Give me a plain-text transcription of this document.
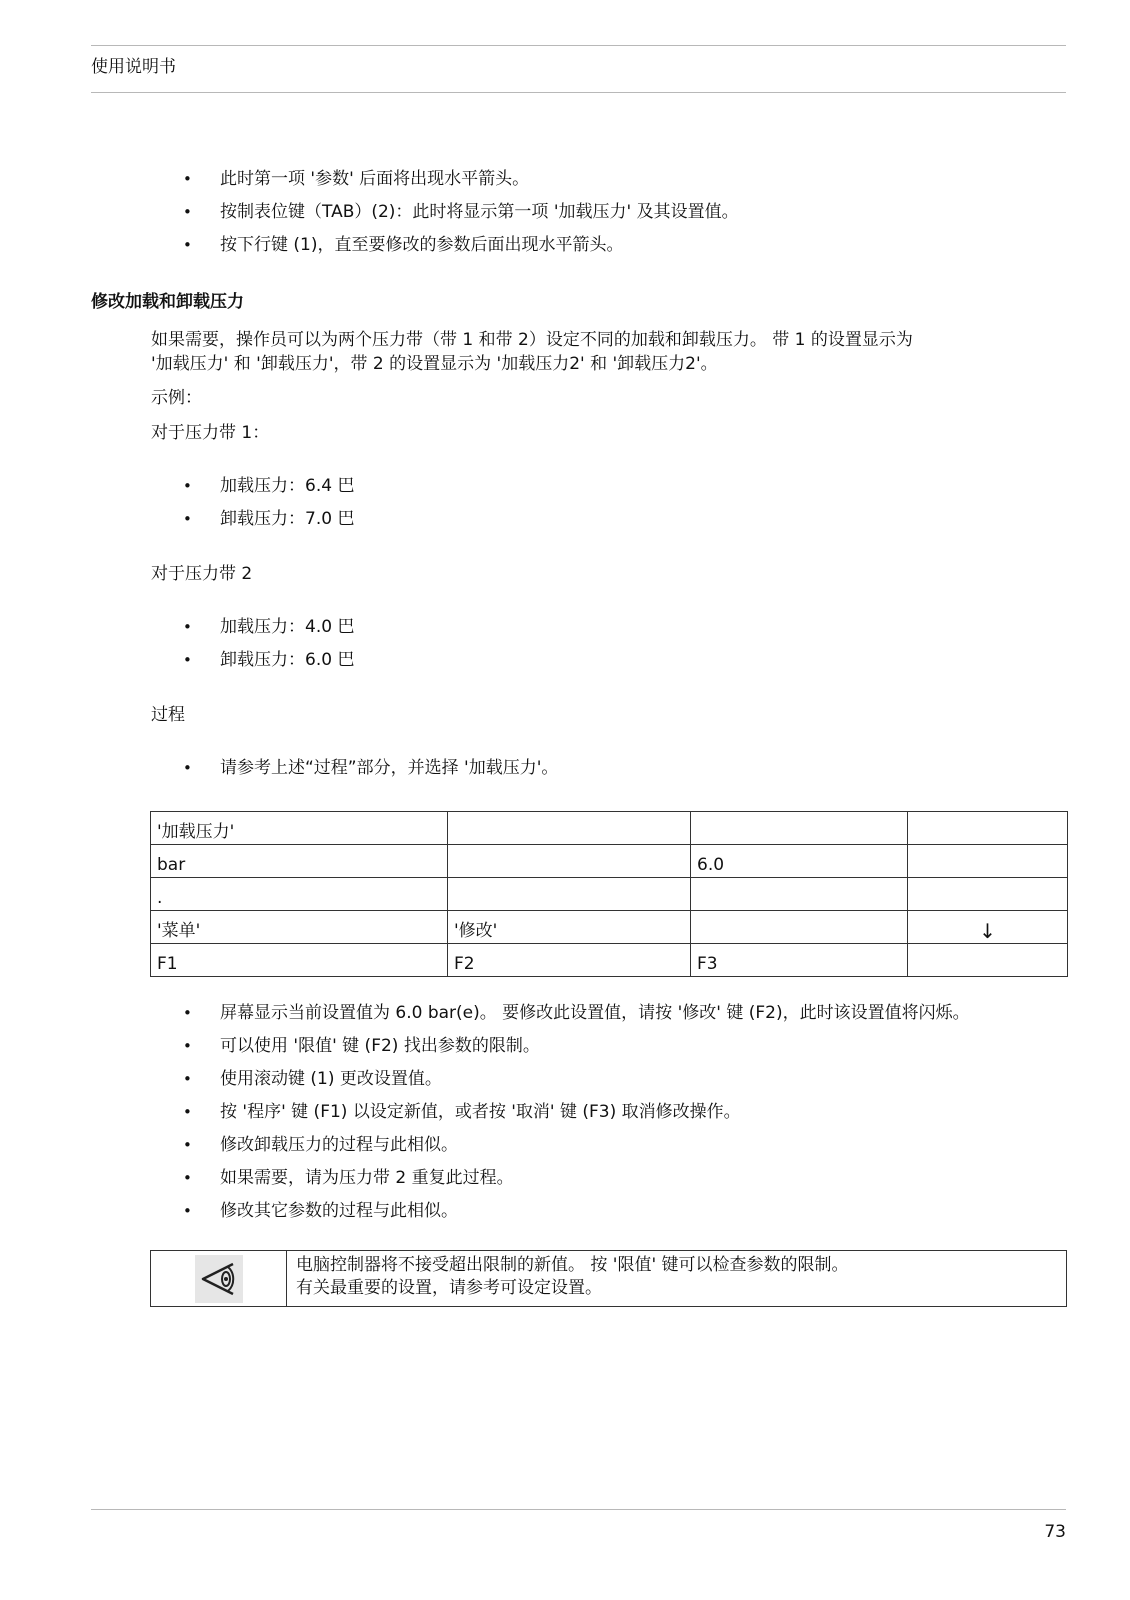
使用说明书
• 此时第一项 '参数' 后面将出现水平箭头。
• 按制表位键（TAB）(2)：此时将显示第一项 '加载压力' 及其设置值。
• 按下行键 (1)，直至要修改的参数后面出现水平箭头。
修改加载和卸载压力
如果需要，操作员可以为两个压力带（带 1 和带 2）设定不同的加载和卸载压力。 带 1 的设置显示为
'加载压力' 和 '卸载压力'，带 2 的设置显示为 '加载压力2' 和 '卸载压力2'。
示例：
对于压力带 1：
• 加载压力：6.4 巴
• 卸载压力：7.0 巴
对于压力带 2
• 加载压力：4.0 巴
• 卸载压力：6.0 巴
过程
• 请参考上述“过程”部分，并选择 '加载压力'。
'加载压力'			
bar		6.0	
.			
'菜单'	'修改'		↓
F1	F2	F3	
• 屏幕显示当前设置值为 6.0 bar(e)。 要修改此设置值，请按 '修改' 键 (F2)，此时该设置值将闪烁。
• 可以使用 '限值' 键 (F2) 找出参数的限制。
• 使用滚动键 (1) 更改设置值。
• 按 '程序' 键 (F1) 以设定新值，或者按 '取消' 键 (F3) 取消修改操作。
• 修改卸载压力的过程与此相似。
• 如果需要，请为压力带 2 重复此过程。
• 修改其它参数的过程与此相似。

电脑控制器将不接受超出限制的新值。 按 '限值' 键可以检查参数的限制。
有关最重要的设置，请参考可设定设置。
73
